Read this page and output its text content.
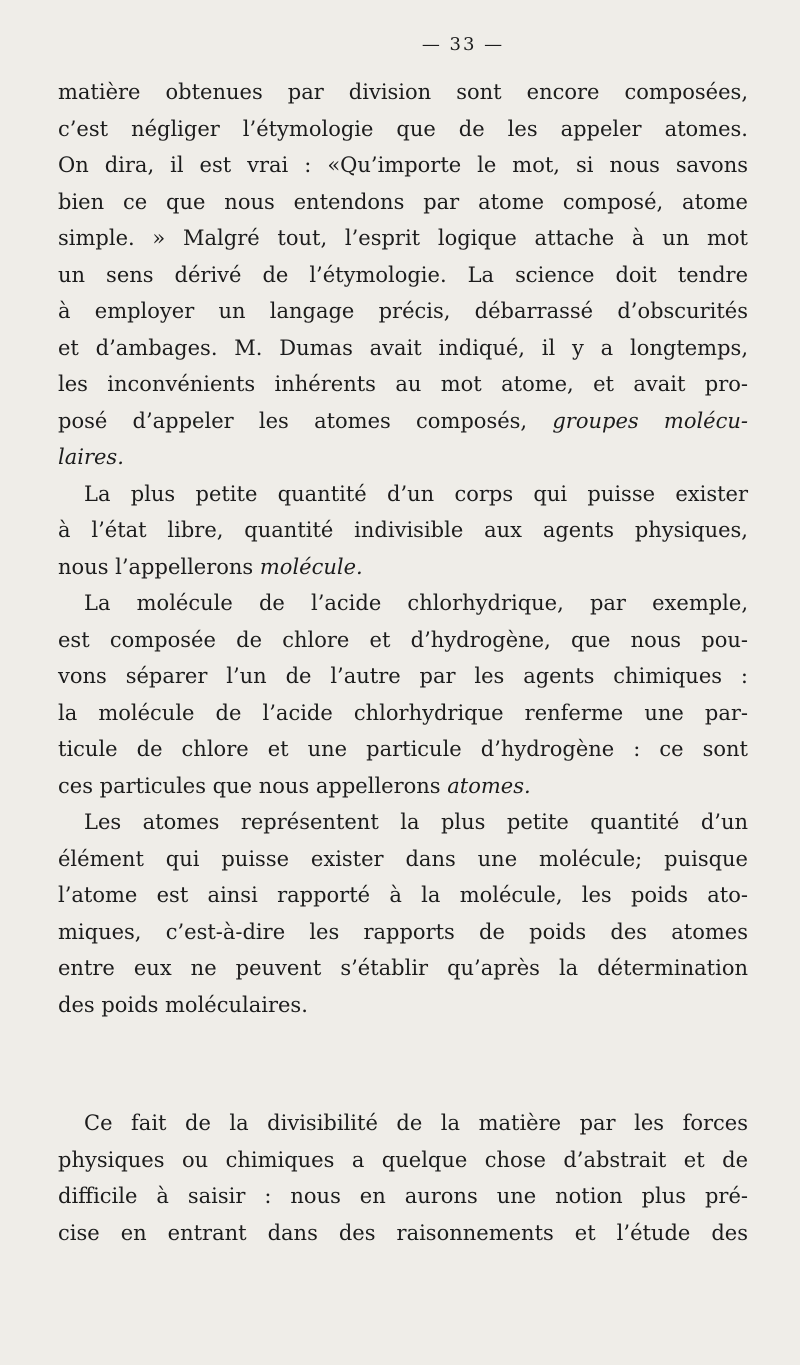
— 33 —

matière obtenues par division sont encore composées,
c’est négliger l’étymologie que de les appeler atomes.
On dira, il est vrai : «Qu’importe le mot, si nous savons
bien ce que nous entendons par atome composé, atome
simple. » Malgré tout, l’esprit logique attache à un mot
un sens dérivé de l’étymologie. La science doit tendre
à employer un langage précis, débarrassé d’obscurités
et d’ambages. M. Dumas avait indiqué, il y a longtemps,
les inconvénients inhérents au mot atome, et avait pro-
posé d’appeler les atomes composés, groupes molécu-
laires.

La plus petite quantité d’un corps qui puisse exister
à l’état libre, quantité indivisible aux agents physiques,
nous l’appellerons molécule.

La molécule de l’acide chlorhydrique, par exemple,
est composée de chlore et d’hydrogène, que nous pou-
vons séparer l’un de l’autre par les agents chimiques :
la molécule de l’acide chlorhydrique renferme une par-
ticule de chlore et une particule d’hydrogène : ce sont
ces particules que nous appellerons atomes.

Les atomes représentent la plus petite quantité d’un
élément qui puisse exister dans une molécule; puisque
l’atome est ainsi rapporté à la molécule, les poids ato-
miques, c’est-à-dire les rapports de poids des atomes
entre eux ne peuvent s’établir qu’après la détermination
des poids moléculaires.

Ce fait de la divisibilité de la matière par les forces
physiques ou chimiques a quelque chose d’abstrait et de
difficile à saisir : nous en aurons une notion plus pré-
cise en entrant dans des raisonnements et l’étude des
